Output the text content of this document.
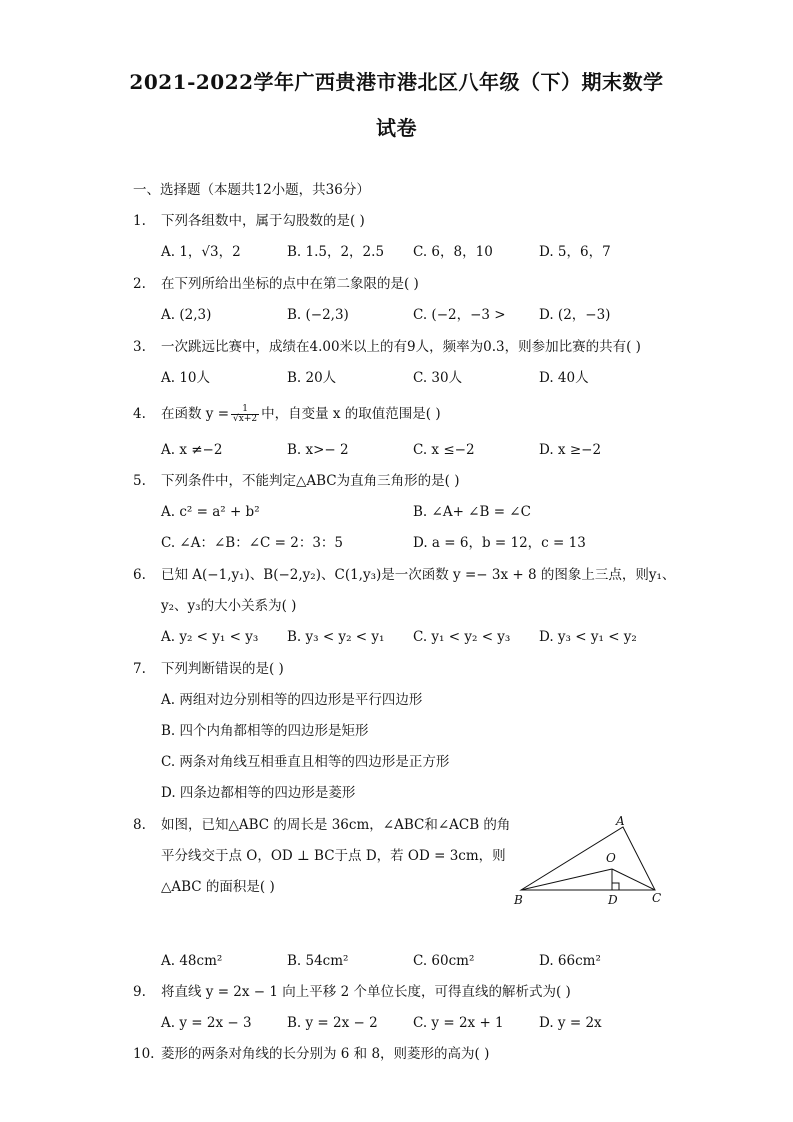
2021-2022学年广西贵港市港北区八年级（下）期末数学
试卷
一、选择题（本题共12小题，共36分）
1. 下列各组数中，属于勾股数的是( )
A. 1，√3，2	B. 1.5，2，2.5 C. 6，8，10	D. 5，6，7
2. 在下列所给出坐标的点中在第二象限的是( )
A. (2,3)	B. (−2,3)	C. (−2，−3 > D. (2，−3)
3. 一次跳远比赛中，成绩在4.00米以上的有9人，频率为0.3，则参加比赛的共有( )
A. 10人	B. 20人	C. 30人	D. 40人
4. 在函数 $y = \frac{1}{√x+2}$ 中，自变量 x 的取值范围是( )
A. x ≠−2	B. x>− 2	C. x ≤−2	D. x ≥−2
5. 下列条件中，不能判定△ABC为直角三角形的是( )
A. c² = a² + b²	B. ∠A+ ∠B = ∠C
C. ∠A：∠B：∠C = 2：3：5	D. a = 6，b = 12，c = 13
6. 已知 A(−1,y₁)、B(−2,y₂)、C(1,y₃)是一次函数 y =− 3x + 8 的图象上三点，则y₁、
y₂、y₃的大小关系为( )
A. y₂ < y₁ < y₃ B. y₃ < y₂ < y₁ C. y₁ < y₂ < y₃ D. y₃ < y₁ < y₂
7. 下列判断错误的是( )
A. 两组对边分别相等的四边形是平行四边形
B. 四个内角都相等的四边形是矩形
C. 两条对角线互相垂直且相等的四边形是正方形
D. 四条边都相等的四边形是菱形
8. 如图，已知△ABC 的周长是 36cm，∠ABC和∠ACB 的角
平分线交于点 O，OD ⊥ BC于点 D，若 OD = 3cm，则
△ABC 的面积是( )
A
O
B	D	C
A. 48cm²	B. 54cm²	C. 60cm²	D. 66cm²
9. 将直线 y = 2x − 1 向上平移 2 个单位长度，可得直线的解析式为( )
A. y = 2x − 3	B. y = 2x − 2	C. y = 2x + 1	D. y = 2x
10. 菱形的两条对角线的长分别为 6 和 8，则菱形的高为( )
